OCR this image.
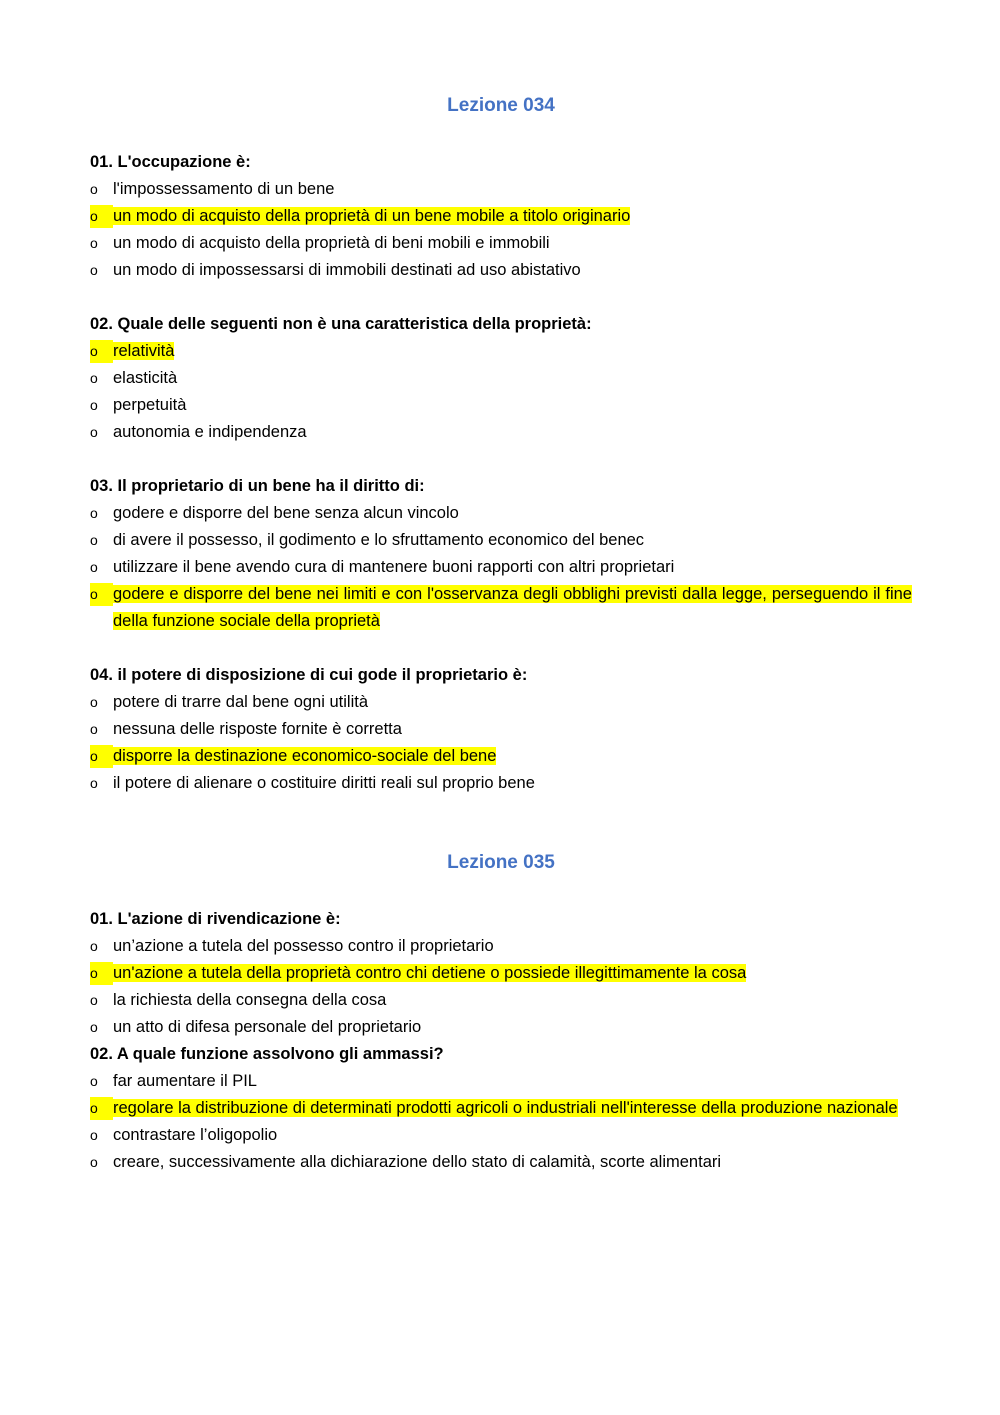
Lezione 034
01. L'occupazione è:
o l'impossessamento di un bene
o un modo di acquisto della proprietà di un bene mobile a titolo originario
o un modo di acquisto della proprietà di beni mobili e immobili
o un modo di impossessarsi di immobili destinati ad uso abistativo
02. Quale delle seguenti non è una caratteristica della proprietà:
o relatività
o elasticità
o perpetuità
o autonomia e indipendenza
03. Il proprietario di un bene ha il diritto di:
o godere e disporre del bene senza alcun vincolo
o di avere il possesso, il godimento e lo sfruttamento economico del benec
o utilizzare il bene avendo cura di mantenere buoni rapporti con altri proprietari
o godere e disporre del bene nei limiti e con l'osservanza degli obblighi previsti dalla legge, perseguendo il fine della funzione sociale della proprietà
04. il potere di disposizione di cui gode il proprietario è:
o potere di trarre dal bene ogni utilità
o nessuna delle risposte fornite è corretta
o disporre la destinazione economico-sociale del bene
o il potere di alienare o costituire diritti reali sul proprio bene
Lezione 035
01. L'azione di rivendicazione è:
o un’azione a tutela del possesso contro il proprietario
o un'azione a tutela della proprietà contro chi detiene o possiede illegittimamente la cosa
o la richiesta della consegna della cosa
o un atto di difesa personale del proprietario
02. A quale funzione assolvono gli ammassi?
o far aumentare il PIL
o regolare la distribuzione di determinati prodotti agricoli o industriali nell'interesse della produzione nazionale
o contrastare l’oligopolio
o creare, successivamente alla dichiarazione dello stato di calamità, scorte alimentari
